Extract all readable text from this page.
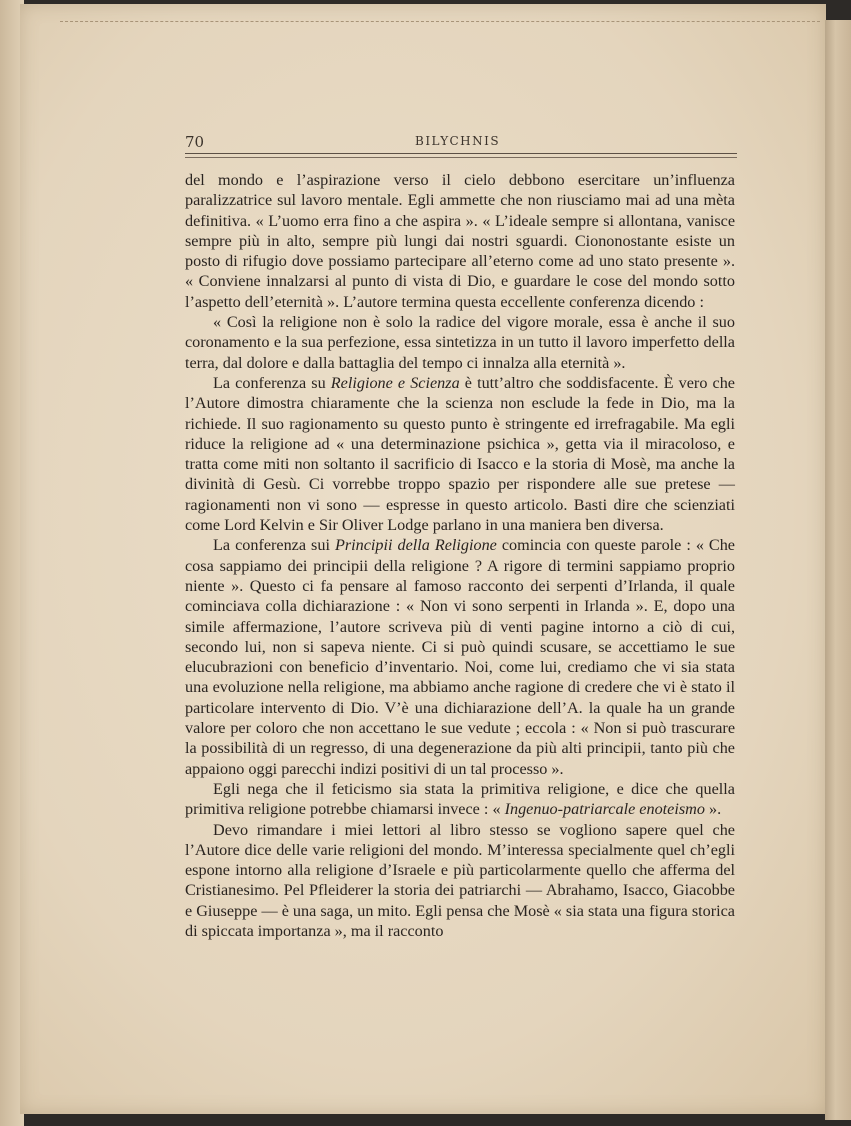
70	BILYCHNIS

del mondo e l’aspirazione verso il cielo debbono esercitare un’influenza paralizzatrice sul lavoro mentale. Egli ammette che non riusciamo mai ad una mèta definitiva. « L’uomo erra fino a che aspira ». « L’ideale sempre si allontana, vanisce sempre più in alto, sempre più lungi dai nostri sguardi. Ciononostante esiste un posto di rifugio dove possiamo partecipare all’eterno come ad uno stato presente ». « Conviene innalzarsi al punto di vista di Dio, e guardare le cose del mondo sotto l’aspetto dell’eternità ». L’autore termina questa eccellente conferenza dicendo :

« Così la religione non è solo la radice del vigore morale, essa è anche il suo coronamento e la sua perfezione, essa sintetizza in un tutto il lavoro imperfetto della terra, dal dolore e dalla battaglia del tempo ci innalza alla eternità ».

La conferenza su Religione e Scienza è tutt’altro che soddisfacente. È vero che l’Autore dimostra chiaramente che la scienza non esclude la fede in Dio, ma la richiede. Il suo ragionamento su questo punto è stringente ed irrefragabile. Ma egli riduce la religione ad « una determinazione psichica », getta via il miracoloso, e tratta come miti non soltanto il sacrificio di Isacco e la storia di Mosè, ma anche la divinità di Gesù. Ci vorrebbe troppo spazio per rispondere alle sue pretese — ragionamenti non vi sono — espresse in questo articolo. Basti dire che scienziati come Lord Kelvin e Sir Oliver Lodge parlano in una maniera ben diversa.

La conferenza sui Principii della Religione comincia con queste parole : « Che cosa sappiamo dei principii della religione ? A rigore di termini sappiamo proprio niente ». Questo ci fa pensare al famoso racconto dei serpenti d’Irlanda, il quale cominciava colla dichiarazione : « Non vi sono serpenti in Irlanda ». E, dopo una simile affermazione, l’autore scriveva più di venti pagine intorno a ciò di cui, secondo lui, non si sapeva niente. Ci si può quindi scusare, se accettiamo le sue elucubrazioni con beneficio d’inventario. Noi, come lui, crediamo che vi sia stata una evoluzione nella religione, ma abbiamo anche ragione di credere che vi è stato il particolare intervento di Dio. V’è una dichiarazione dell’A. la quale ha un grande valore per coloro che non accettano le sue vedute ; eccola : « Non si può trascurare la possibilità di un regresso, di una degenerazione da più alti principii, tanto più che appaiono oggi parecchi indizi positivi di un tal processo ».

Egli nega che il feticismo sia stata la primitiva religione, e dice che quella primitiva religione potrebbe chiamarsi invece : « Ingenuo-patriarcale enoteismo ».

Devo rimandare i miei lettori al libro stesso se vogliono sapere quel che l’Autore dice delle varie religioni del mondo. M’interessa specialmente quel ch’egli espone intorno alla religione d’Israele e più particolarmente quello che afferma del Cristianesimo. Pel Pfleiderer la storia dei patriarchi — Abrahamo, Isacco, Giacobbe e Giuseppe — è una saga, un mito. Egli pensa che Mosè « sia stata una figura storica di spiccata importanza », ma il racconto
